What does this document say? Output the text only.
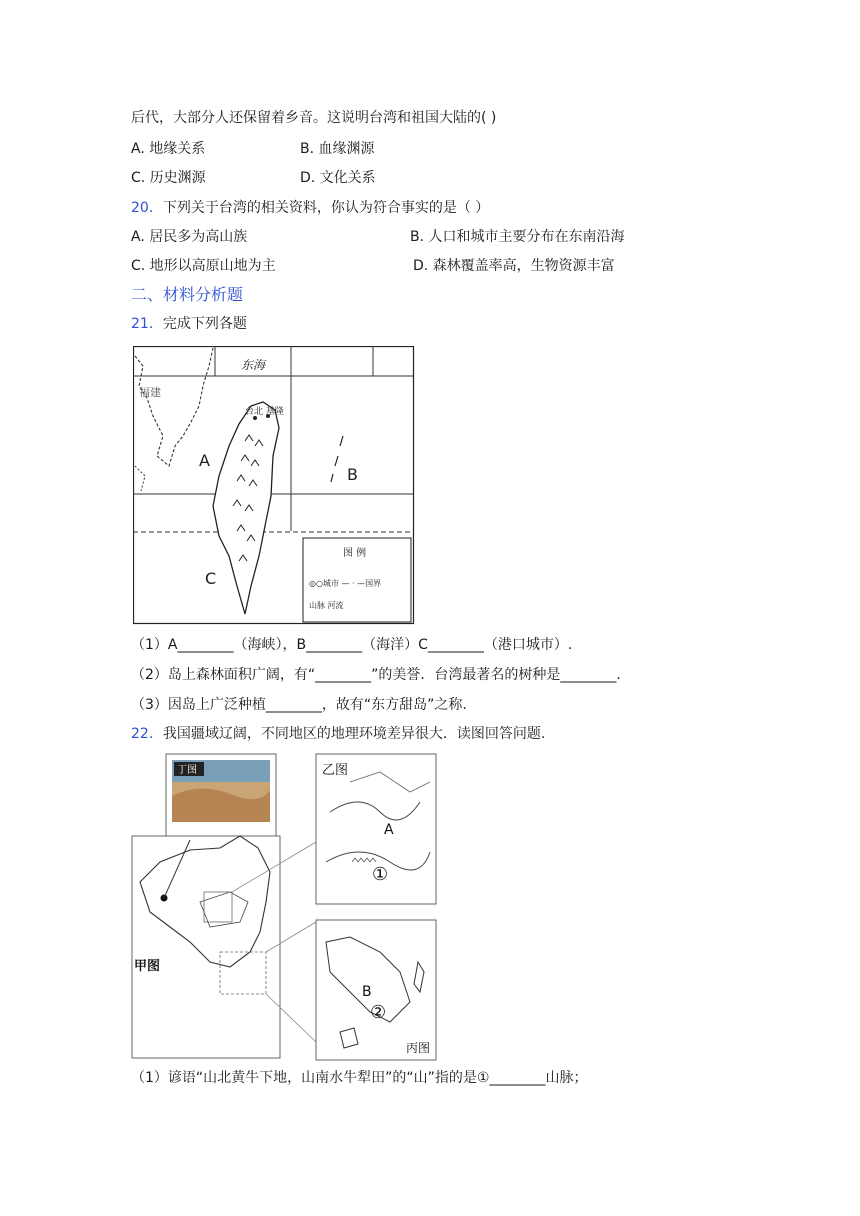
后代，大部分人还保留着乡音。这说明台湾和祖国大陆的( )
A. 地缘关系	B. 血缘渊源
C. 历史渊源	D. 文化关系
20．下列关于台湾的相关资料，你认为符合事实的是（ ）
A. 居民多为高山族	B. 人口和城市主要分布在东南沿海
C. 地形以高原山地为主	D. 森林覆盖率高，生物资源丰富
二、材料分析题
21．完成下列各题
台北 基隆
东海
福建
A
B
C
图 例
◎○城市 — · —国界
山脉 河流
（1）A________（海峡），B________（海洋）C________（港口城市）.
（2）岛上森林面积广阔，有“________”的美誉．台湾最著名的树种是________.
（3）因岛上广泛种植________，故有“东方甜岛”之称.
22．我国疆域辽阔，不同地区的地理环境差异很大．读图回答问题.
丁图
甲图
乙图
A
①
B
②
丙图
（1）谚语“山北黄牛下地，山南水牛犁田”的“山”指的是①________山脉；
